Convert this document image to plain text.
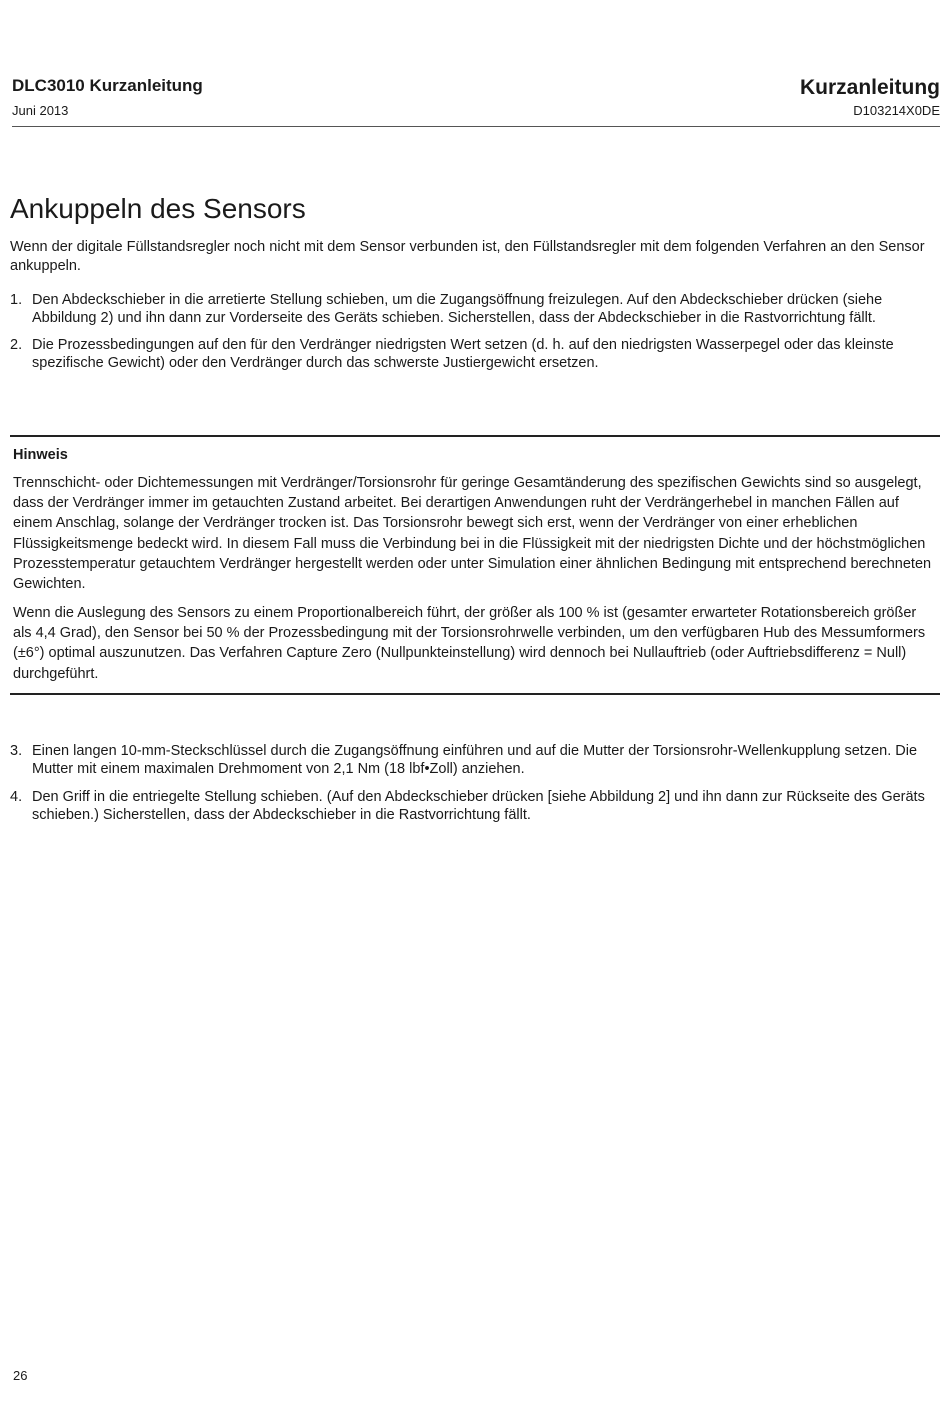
DLC3010 Kurzanleitung
Juni 2013
Kurzanleitung
D103214X0DE
Ankuppeln des Sensors
Wenn der digitale Füllstandsregler noch nicht mit dem Sensor verbunden ist, den Füllstandsregler mit dem folgenden Verfahren an den Sensor ankuppeln.
1. Den Abdeckschieber in die arretierte Stellung schieben, um die Zugangsöffnung freizulegen. Auf den Abdeckschieber drücken (siehe Abbildung 2) und ihn dann zur Vorderseite des Geräts schieben. Sicherstellen, dass der Abdeckschieber in die Rastvorrichtung fällt.
2. Die Prozessbedingungen auf den für den Verdränger niedrigsten Wert setzen (d. h. auf den niedrigsten Wasserpegel oder das kleinste spezifische Gewicht) oder den Verdränger durch das schwerste Justiergewicht ersetzen.
Hinweis

Trennschicht- oder Dichtemessungen mit Verdränger/Torsionsrohr für geringe Gesamtänderung des spezifischen Gewichts sind so ausgelegt, dass der Verdränger immer im getauchten Zustand arbeitet. Bei derartigen Anwendungen ruht der Verdrängerhebel in manchen Fällen auf einem Anschlag, solange der Verdränger trocken ist. Das Torsionsrohr bewegt sich erst, wenn der Verdränger von einer erheblichen Flüssigkeitsmenge bedeckt wird. In diesem Fall muss die Verbindung bei in die Flüssigkeit mit der niedrigsten Dichte und der höchstmöglichen Prozesstemperatur getauchtem Verdränger hergestellt werden oder unter Simulation einer ähnlichen Bedingung mit entsprechend berechneten Gewichten.

Wenn die Auslegung des Sensors zu einem Proportionalbereich führt, der größer als 100 % ist (gesamter erwarteter Rotationsbereich größer als 4,4 Grad), den Sensor bei 50 % der Prozessbedingung mit der Torsionsrohrwelle verbinden, um den verfügbaren Hub des Messumformers (±6°) optimal auszunutzen. Das Verfahren Capture Zero (Nullpunkteinstellung) wird dennoch bei Nullauftrieb (oder Auftriebsdifferenz = Null) durchgeführt.

3. Einen langen 10-mm-Steckschlüssel durch die Zugangsöffnung einführen und auf die Mutter der Torsionsrohr-Wellenkupplung setzen. Die Mutter mit einem maximalen Drehmoment von 2,1 Nm (18 lbf•Zoll) anziehen.
4. Den Griff in die entriegelte Stellung schieben. (Auf den Abdeckschieber drücken [siehe Abbildung 2] und ihn dann zur Rückseite des Geräts schieben.) Sicherstellen, dass der Abdeckschieber in die Rastvorrichtung fällt.
26
